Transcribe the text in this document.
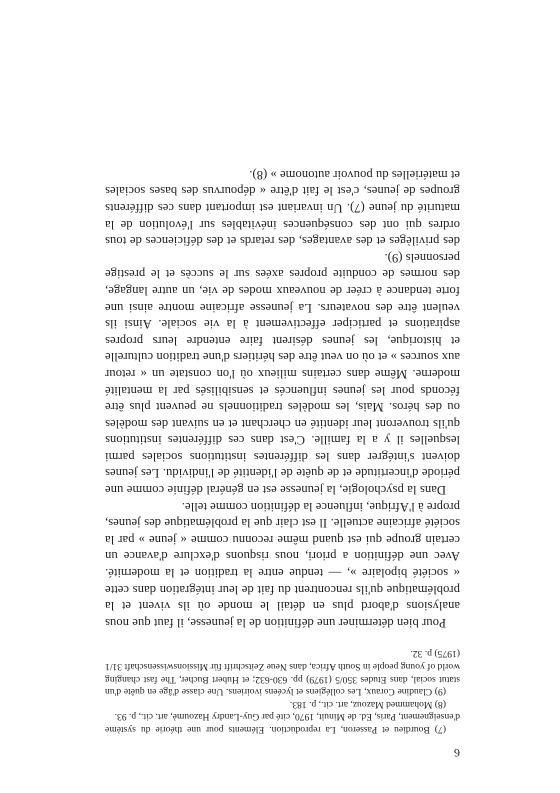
6

(7) Bourdieu et Passeron, La reproduction. Eléments pour une théorie du système d'enseignement, Paris, Ed. de Minuit, 1970, cité par Guy-Landry Hazoumè, art. cit., p. 93.

(8) Mohammed Mazouz, art. cit., p. 183.

(9) Claudine Coraux, Les collégiens et lycéens ivoiriens. Une classe d'âge en quête d'un statut social, dans Etudes 350/5 (1979) pp. 630-632; et Hubert Bucher, The fast changing world of young people in South Africa, dans Neue Zeitschrift für Missionswissenschaft 31/1 (1975) p. 32.

Pour bien déterminer une définition de la jeunesse, il faut que nous analysions d'abord plus en détail le monde où ils vivent et la problématique qu'ils rencontrent du fait de leur intégration dans cette « société bipolaire », — tendue entre la tradition et la modernité. Avec une définition a priori, nous risquons d'exclure d'avance un certain groupe qui est quand même reconnu comme « jeune » par la société africaine actuelle. Il est clair que la problématique des jeunes, propre à l'Afrique, influence la définition comme telle.

Dans la psychologie, la jeunesse est en général définie comme une période d'incertitude et de quête de l'identité de l'individu. Les jeunes doivent s'intégrer dans les différentes institutions sociales parmi lesquelles il y a la famille. C'est dans ces différentes institutions qu'ils trouveront leur identité en cherchant et en suivant des modèles ou des héros. Mais, les modèles traditionnels ne peuvent plus être féconds pour les jeunes influencés et sensibilisés par la mentalité moderne. Même dans certains milieux où l'on constate un « retour aux sources » et où on veut être des héritiers d'une tradition culturelle et historique, les jeunes désirent faire entendre leurs propres aspirations et participer effectivement à la vie sociale. Ainsi ils veulent être des novateurs. La jeunesse africaine montre ainsi une forte tendance à créer de nouveaux modes de vie, un autre langage, des normes de conduite propres axées sur le succès et le prestige personnels (9).

des privilèges et des avantages, des retards et des déficiences de tous ordres qui ont des conséquences inévitables sur l'évolution de la maturité du jeune (7). Un invariant est important dans ces différents groupes de jeunes, c'est le fait d'être « dépourvus des bases sociales et matérielles du pouvoir autonome » (8).
